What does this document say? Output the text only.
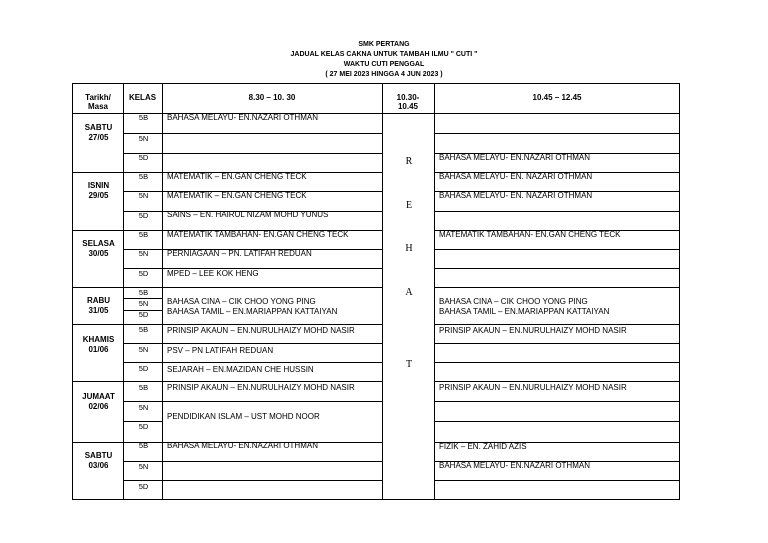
SMK PERTANG
JADUAL KELAS CAKNA UNTUK TAMBAH ILMU " CUTI "
WAKTU CUTI PENGGAL
( 27 MEI 2023 HINGGA 4 JUN 2023 )
Tarikh/
Masa
KELAS	8.30 – 10. 30	10.30-
10.45
10.45 – 12.45
SABTU
27/05
ISNIN
29/05
SELASA
30/05
RABU
31/05
KHAMIS
01/06
JUMAAT
02/06
SABTU
03/06
5B
5N
5D
5B
5N
5D
5B
5N
5D
5B
5N
5D
5B
5N
5D
5B
5N
5D
5B
5N
5D
BAHASA MELAYU- EN.NAZARI OTHMAN
MATEMATIK – EN.GAN CHENG TECK
MATEMATIK – EN.GAN CHENG TECK
SAINS – EN. HAIRUL NIZAM MOHD YUNUS
MATEMATIK TAMBAHAN- EN.GAN CHENG TECK
PERNIAGAAN – PN. LATIFAH REDUAN
MPED – LEE KOK HENG
BAHASA CINA – CIK CHOO YONG PING
BAHASA TAMIL – EN.MARIAPPAN KATTAIYAN
PRINSIP AKAUN – EN.NURULHAIZY MOHD NASIR
PSV – PN LATIFAH REDUAN
SEJARAH – EN.MAZIDAN CHE HUSSIN
PRINSIP AKAUN – EN.NURULHAIZY MOHD NASIR
PENDIDIKAN ISLAM – UST MOHD NOOR
BAHASA MELAYU- EN.NAZARI OTHMAN
R
E
H
A
T
BAHASA MELAYU- EN.NAZARI OTHMAN
BAHASA MELAYU- EN. NAZARI OTHMAN
BAHASA MELAYU- EN. NAZARI OTHMAN
MATEMATIK TAMBAHAN- EN.GAN CHENG TECK
BAHASA CINA – CIK CHOO YONG PING
BAHASA TAMIL – EN.MARIAPPAN KATTAIYAN
PRINSIP AKAUN – EN.NURULHAIZY MOHD NASIR
PRINSIP AKAUN – EN.NURULHAIZY MOHD NASIR
FIZIK – EN. ZAHID AZIS
BAHASA MELAYU- EN.NAZARI OTHMAN
